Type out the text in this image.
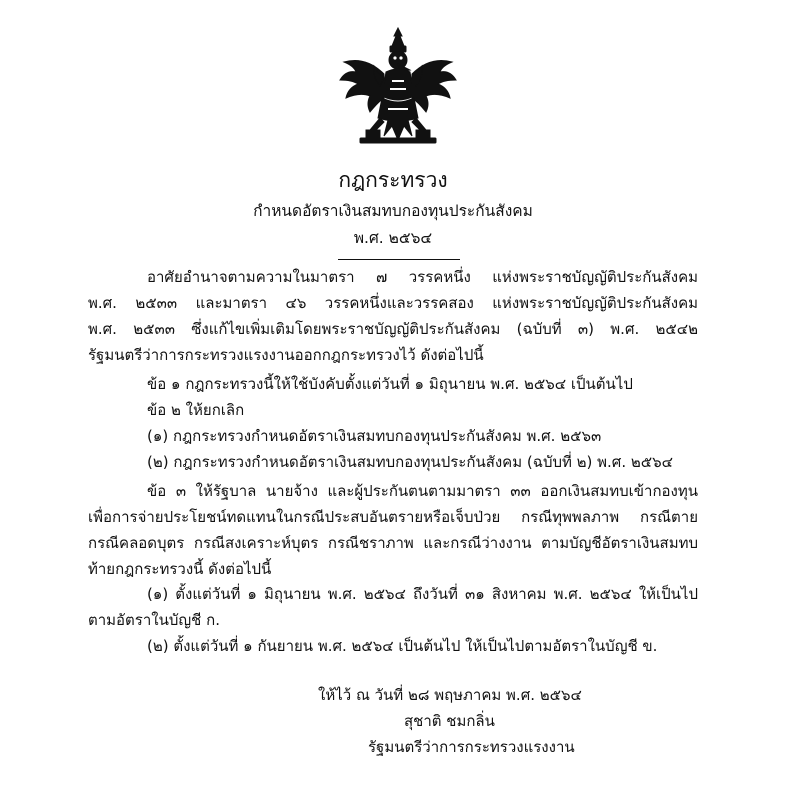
กฎกระทรวง
กำหนดอัตราเงินสมทบกองทุนประกันสังคม
พ.ศ. ๒๕๖๔
อาศัยอำนาจตามความในมาตรา ๗ วรรคหนึ่ง แห่งพระราชบัญญัติประกันสังคม
พ.ศ. ๒๕๓๓ และมาตรา ๔๖ วรรคหนึ่งและวรรคสอง แห่งพระราชบัญญัติประกันสังคม
พ.ศ. ๒๕๓๓ ซึ่งแก้ไขเพิ่มเติมโดยพระราชบัญญัติประกันสังคม (ฉบับที่ ๓) พ.ศ. ๒๕๔๒
รัฐมนตรีว่าการกระทรวงแรงงานออกกฎกระทรวงไว้ ดังต่อไปนี้
ข้อ ๑ กฎกระทรวงนี้ให้ใช้บังคับตั้งแต่วันที่ ๑ มิถุนายน พ.ศ. ๒๕๖๔ เป็นต้นไป
ข้อ ๒ ให้ยกเลิก
(๑) กฎกระทรวงกำหนดอัตราเงินสมทบกองทุนประกันสังคม พ.ศ. ๒๕๖๓
(๒) กฎกระทรวงกำหนดอัตราเงินสมทบกองทุนประกันสังคม (ฉบับที่ ๒) พ.ศ. ๒๕๖๔
ข้อ ๓ ให้รัฐบาล นายจ้าง และผู้ประกันตนตามมาตรา ๓๓ ออกเงินสมทบเข้ากองทุน
เพื่อการจ่ายประโยชน์ทดแทนในกรณีประสบอันตรายหรือเจ็บป่วย กรณีทุพพลภาพ กรณีตาย
กรณีคลอดบุตร กรณีสงเคราะห์บุตร กรณีชราภาพ และกรณีว่างงาน ตามบัญชีอัตราเงินสมทบ
ท้ายกฎกระทรวงนี้ ดังต่อไปนี้
(๑) ตั้งแต่วันที่ ๑ มิถุนายน พ.ศ. ๒๕๖๔ ถึงวันที่ ๓๑ สิงหาคม พ.ศ. ๒๕๖๔ ให้เป็นไป
ตามอัตราในบัญชี ก.
(๒) ตั้งแต่วันที่ ๑ กันยายน พ.ศ. ๒๕๖๔ เป็นต้นไป ให้เป็นไปตามอัตราในบัญชี ข.
ให้ไว้ ณ วันที่ ๒๘ พฤษภาคม พ.ศ. ๒๕๖๔
สุชาติ ชมกลิ่น
รัฐมนตรีว่าการกระทรวงแรงงาน
